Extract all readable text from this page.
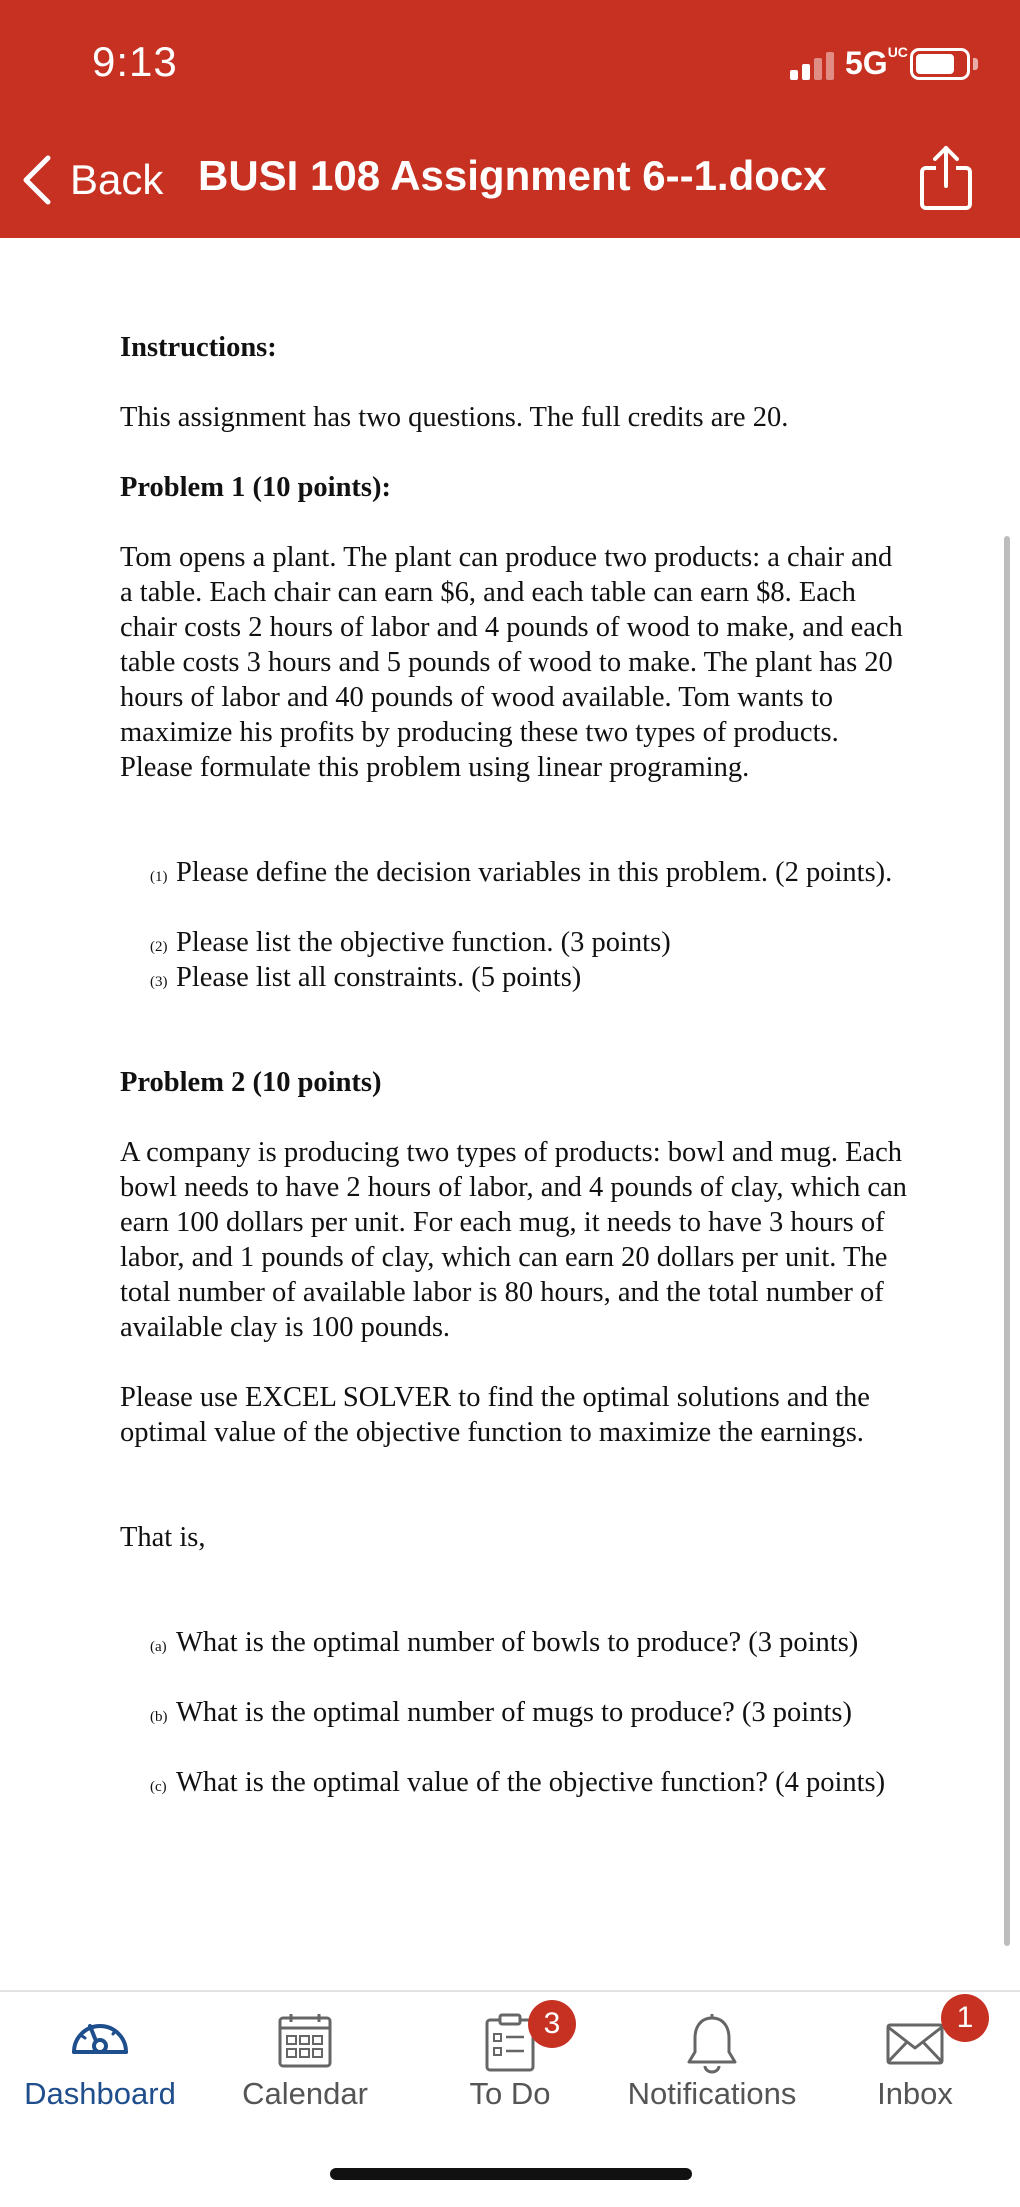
9:13	$5G^{UC}$
Back BUSI 108 Assignment 6--1.docx
Instructions:
This assignment has two questions. The full credits are 20.
Problem 1 (10 points):
Tom opens a plant. The plant can produce two products: a chair and a table. Each chair can earn $6, and each table can earn $8. Each chair costs 2 hours of labor and 4 pounds of wood to make, and each table costs 3 hours and 5 pounds of wood to make. The plant has 20 hours of labor and 40 pounds of wood available. Tom wants to maximize his profits by producing these two types of products. Please formulate this problem using linear programing.
(1) Please define the decision variables in this problem. (2 points).
(2) Please list the objective function. (3 points)
(3) Please list all constraints. (5 points)
Problem 2 (10 points)
A company is producing two types of products: bowl and mug. Each bowl needs to have 2 hours of labor, and 4 pounds of clay, which can earn 100 dollars per unit. For each mug, it needs to have 3 hours of labor, and 1 pounds of clay, which can earn 20 dollars per unit. The total number of available labor is 80 hours, and the total number of available clay is 100 pounds.
Please use EXCEL SOLVER to find the optimal solutions and the optimal value of the objective function to maximize the earnings.
That is,
(a) What is the optimal number of bowls to produce? (3 points)
(b) What is the optimal number of mugs to produce? (3 points)
(c) What is the optimal value of the objective function? (4 points)
Dashboard	Calendar
3
To Do	Notifications
1
Inbox
